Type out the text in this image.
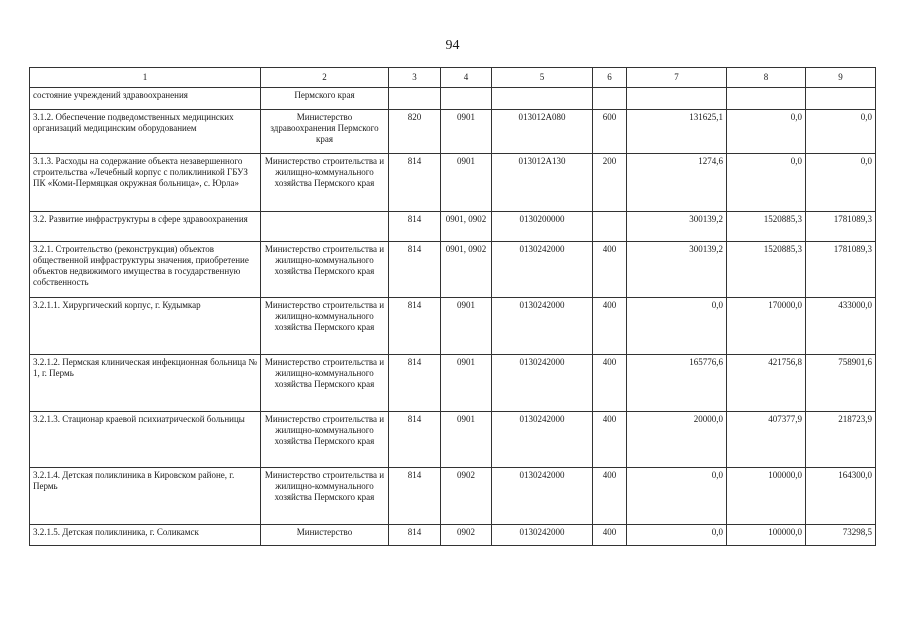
94
1	2	3	4	5	6	7	8	9
состояние учреждений здравоохранения	Пермского края							
3.1.2. Обеспечение подведомственных медицинских организаций медицинским оборудованием	Министерство здравоохранения Пермского края	820	0901	013012А080	600	131625,1	0,0	0,0
3.1.3. Расходы на содержание объекта незавершенного строительства «Лечебный корпус с поликлиникой ГБУЗ ПК «Коми-Пермяцкая окружная больница», с. Юрла»	Министерство строительства и жилищно-коммунального хозяйства Пермского края	814	0901	013012А130	200	1274,6	0,0	0,0
3.2. Развитие инфраструктуры в сфере здравоохранения		814	0901, 0902	0130200000		300139,2	1520885,3	1781089,3
3.2.1. Строительство (реконструкция) объектов общественной инфраструктуры значения, приобретение объектов недвижимого имущества в государственную собственность	Министерство строительства и жилищно-коммунального хозяйства Пермского края	814	0901, 0902	0130242000	400	300139,2	1520885,3	1781089,3
3.2.1.1. Хирургический корпус, г. Кудымкар	Министерство строительства и жилищно-коммунального хозяйства Пермского края	814	0901	0130242000	400	0,0	170000,0	433000,0
3.2.1.2. Пермская клиническая инфекционная больница № 1, г. Пермь	Министерство строительства и жилищно-коммунального хозяйства Пермского края	814	0901	0130242000	400	165776,6	421756,8	758901,6
3.2.1.3. Стационар краевой психиатрической больницы	Министерство строительства и жилищно-коммунального хозяйства Пермского края	814	0901	0130242000	400	20000,0	407377,9	218723,9
3.2.1.4. Детская поликлиника в Кировском районе, г. Пермь	Министерство строительства и жилищно-коммунального хозяйства Пермского края	814	0902	0130242000	400	0,0	100000,0	164300,0
3.2.1.5. Детская поликлиника, г. Соликамск	Министерство	814	0902	0130242000	400	0,0	100000,0	73298,5
